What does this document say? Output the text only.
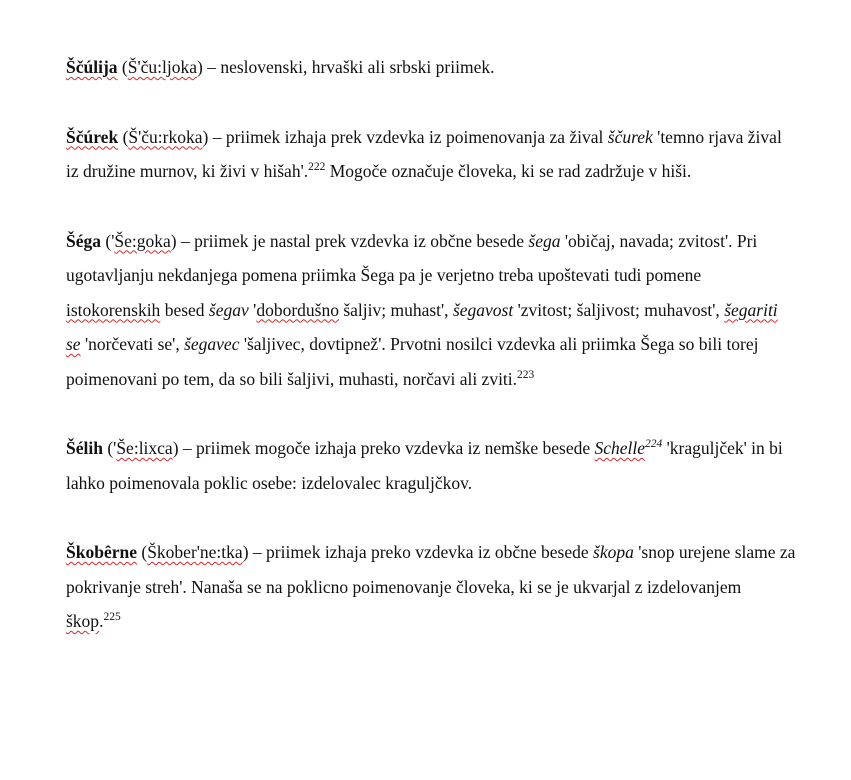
Ščúlija (Š'ču:ljoka) – neslovenski, hrvaški ali srbski priimek.

Ščúrek (Š'ču:rkoka) – priimek izhaja prek vzdevka iz poimenovanja za žival ščurek 'temno rjava žival iz družine murnov, ki živi v hišah'.$^{222}$ Mogoče označuje človeka, ki se rad zadržuje v hiši.

Šéga ('Še:goka) – priimek je nastal prek vzdevka iz občne besede šega 'običaj, navada; zvitost'. Pri ugotavljanju nekdanjega pomena priimka Šega pa je verjetno treba upoštevati tudi pomene istokorenskih besed šegav 'dobordušno šaljiv; muhast', šegavost 'zvitost; šaljivost; muhavost', šegariti se 'norčevati se', šegavec 'šaljivec, dovtipnež'. Prvotni nosilci vzdevka ali priimka Šega so bili torej poimenovani po tem, da so bili šaljivi, muhasti, norčavi ali zviti.$^{223}$

Šélih ('Še:lixca) – priimek mogoče izhaja preko vzdevka iz nemške besede Schelle$^{224}$ 'kraguljček' in bi lahko poimenovala poklic osebe: izdelovalec kraguljčkov.

Škobêrne (Škober'ne:tka) – priimek izhaja preko vzdevka iz občne besede škopa 'snop urejene slame za pokrivanje streh'. Nanaša se na poklicno poimenovanje človeka, ki se je ukvarjal z izdelovanjem škop.$^{225}$
